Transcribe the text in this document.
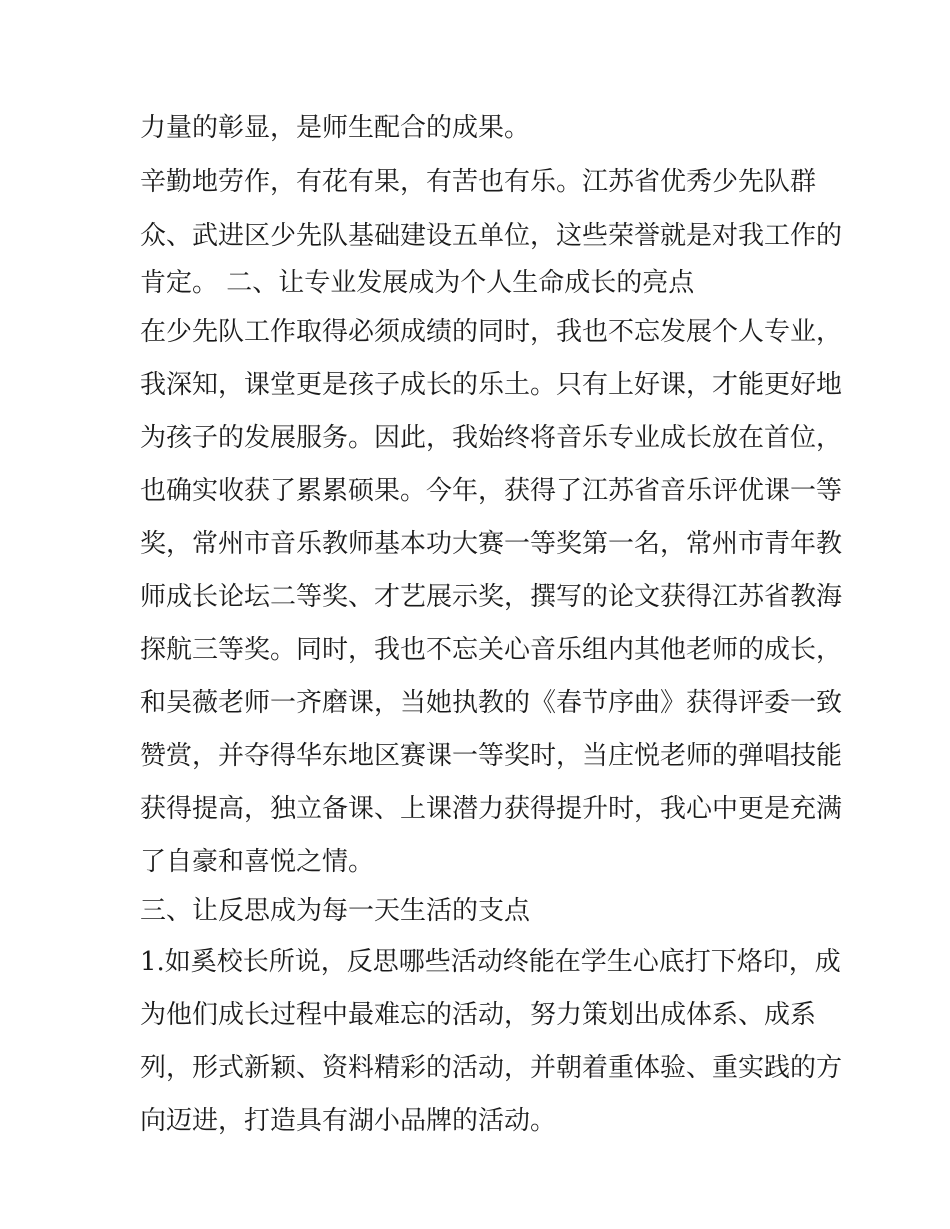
力量的彰显，是师生配合的成果。
辛勤地劳作，有花有果，有苦也有乐。江苏省优秀少先队群
众、武进区少先队基础建设五单位，这些荣誉就是对我工作的
肯定。 二、让专业发展成为个人生命成长的亮点
在少先队工作取得必须成绩的同时，我也不忘发展个人专业，
我深知，课堂更是孩子成长的乐土。只有上好课，才能更好地
为孩子的发展服务。因此，我始终将音乐专业成长放在首位，
也确实收获了累累硕果。今年，获得了江苏省音乐评优课一等
奖，常州市音乐教师基本功大赛一等奖第一名，常州市青年教
师成长论坛二等奖、才艺展示奖，撰写的论文获得江苏省教海
探航三等奖。同时，我也不忘关心音乐组内其他老师的成长，
和吴薇老师一齐磨课，当她执教的《春节序曲》获得评委一致
赞赏，并夺得华东地区赛课一等奖时，当庄悦老师的弹唱技能
获得提高，独立备课、上课潜力获得提升时，我心中更是充满
了自豪和喜悦之情。
三、让反思成为每一天生活的支点
1.如奚校长所说，反思哪些活动终能在学生心底打下烙印，成
为他们成长过程中最难忘的活动，努力策划出成体系、成系
列，形式新颖、资料精彩的活动，并朝着重体验、重实践的方
向迈进，打造具有湖小品牌的活动。
